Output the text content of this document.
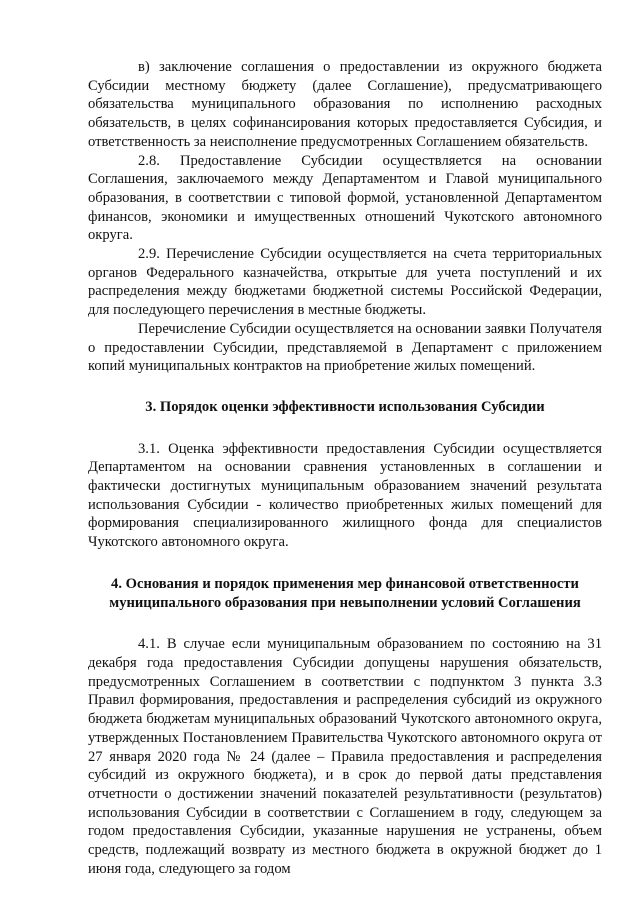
в) заключение соглашения о предоставлении из окружного бюджета Субсидии местному бюджету (далее Соглашение), предусматривающего обязательства муниципального образования по исполнению расходных обязательств, в целях софинансирования которых предоставляется Субсидия, и ответственность за неисполнение предусмотренных Соглашением обязательств.

2.8. Предоставление Субсидии осуществляется на основании Соглашения, заключаемого между Департаментом и Главой муниципального образования, в соответствии с типовой формой, установленной Департаментом финансов, экономики и имущественных отношений Чукотского автономного округа.

2.9. Перечисление Субсидии осуществляется на счета территориальных органов Федерального казначейства, открытые для учета поступлений и их распределения между бюджетами бюджетной системы Российской Федерации, для последующего перечисления в местные бюджеты.

Перечисление Субсидии осуществляется на основании заявки Получателя о предоставлении Субсидии, представляемой в Департамент с приложением копий муниципальных контрактов на приобретение жилых помещений.

3. Порядок оценки эффективности использования Субсидии

3.1. Оценка эффективности предоставления Субсидии осуществляется Департаментом на основании сравнения установленных в соглашении и фактически достигнутых муниципальным образованием значений результата использования Субсидии - количество приобретенных жилых помещений для формирования специализированного жилищного фонда для специалистов Чукотского автономного округа.

4. Основания и порядок применения мер финансовой ответственности
муниципального образования при невыполнении условий Соглашения

4.1. В случае если муниципальным образованием по состоянию на 31 декабря года предоставления Субсидии допущены нарушения обязательств, предусмотренных Соглашением в соответствии с подпунктом 3 пункта 3.3 Правил формирования, предоставления и распределения субсидий из окружного бюджета бюджетам муниципальных образований Чукотского автономного округа, утвержденных Постановлением Правительства Чукотского автономного округа от 27 января 2020 года № 24 (далее – Правила предоставления и распределения субсидий из окружного бюджета), и в срок до первой даты представления отчетности о достижении значений показателей результативности (результатов) использования Субсидии в соответствии с Соглашением в году, следующем за годом предоставления Субсидии, указанные нарушения не устранены, объем средств, подлежащий возврату из местного бюджета в окружной бюджет до 1 июня года, следующего за годом
